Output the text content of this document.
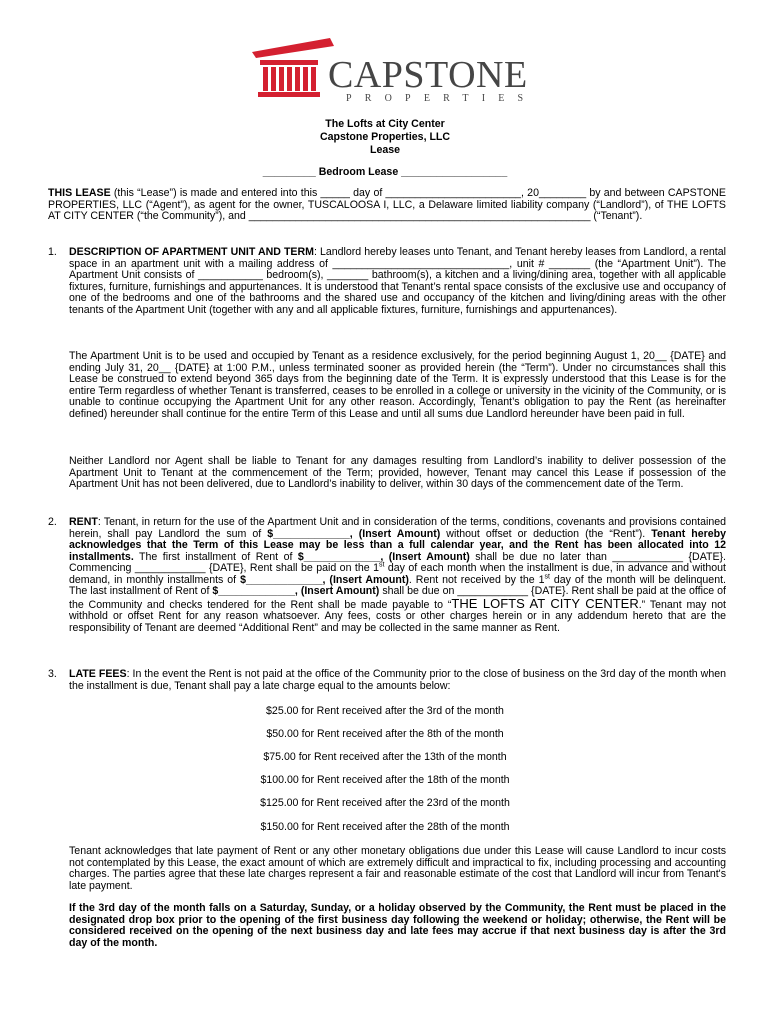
CAPSTONE
PROPERTIES
The Lofts at City Center
Capstone Properties, LLC
Lease
_________ Bedroom Lease __________________

THIS LEASE (this “Lease”) is made and entered into this _____ day of _______________________, 20________ by and between CAPSTONE PROPERTIES, LLC (“Agent”), as agent for the owner, TUSCALOOSA I, LLC, a Delaware limited liability company (“Landlord”), of THE LOFTS AT CITY CENTER (“the Community”), and __________________________________________________________ (“Tenant”).

1. DESCRIPTION OF APARTMENT UNIT AND TERM: Landlord hereby leases unto Tenant, and Tenant hereby leases from Landlord, a rental space in an apartment unit with a mailing address of ______________________________, unit # _______ (the “Apartment Unit”). The Apartment Unit consists of ___________ bedroom(s), _______ bathroom(s), a kitchen and a living/dining area, together with all applicable fixtures, furniture, furnishings and appurtenances. It is understood that Tenant’s rental space consists of the exclusive use and occupancy of one of the bedrooms and one of the bathrooms and the shared use and occupancy of the kitchen and living/dining areas with the other tenants of the Apartment Unit (together with any and all applicable fixtures, furniture, furnishings and appurtenances).

The Apartment Unit is to be used and occupied by Tenant as a residence exclusively, for the period beginning August 1, 20__ {DATE} and ending July 31, 20__ {DATE} at 1:00 P.M., unless terminated sooner as provided herein (the “Term”). Under no circumstances shall this Lease be construed to extend beyond 365 days from the beginning date of the Term. It is expressly understood that this Lease is for the entire Term regardless of whether Tenant is transferred, ceases to be enrolled in a college or university in the vicinity of the Community, or is unable to continue occupying the Apartment Unit for any other reason. Accordingly, Tenant’s obligation to pay the Rent (as hereinafter defined) hereunder shall continue for the entire Term of this Lease and until all sums due Landlord hereunder have been paid in full.

Neither Landlord nor Agent shall be liable to Tenant for any damages resulting from Landlord’s inability to deliver possession of the Apartment Unit to Tenant at the commencement of the Term; provided, however, Tenant may cancel this Lease if possession of the Apartment Unit has not been delivered, due to Landlord’s inability to deliver, within 30 days of the commencement date of the Term.

2. RENT: Tenant, in return for the use of the Apartment Unit and in consideration of the terms, conditions, covenants and provisions contained herein, shall pay Landlord the sum of $_____________, (Insert Amount) without offset or deduction (the “Rent”). Tenant hereby acknowledges that the Term of this Lease may be less than a full calendar year, and the Rent has been allocated into 12 installments. The first installment of Rent of $_____________, (Insert Amount) shall be due no later than ____________ {DATE}. Commencing ____________ {DATE}, Rent shall be paid on the 1st day of each month when the installment is due, in advance and without demand, in monthly installments of $_____________, (Insert Amount). Rent not received by the 1st day of the month will be delinquent. The last installment of Rent of $_____________, (Insert Amount) shall be due on ____________ {DATE}. Rent shall be paid at the office of the Community and checks tendered for the Rent shall be made payable to “THE LOFTS AT CITY CENTER.” Tenant may not withhold or offset Rent for any reason whatsoever. Any fees, costs or other charges herein or in any addendum hereto that are the responsibility of Tenant are deemed “Additional Rent” and may be collected in the same manner as Rent.

3. LATE FEES: In the event the Rent is not paid at the office of the Community prior to the close of business on the 3rd day of the month when the installment is due, Tenant shall pay a late charge equal to the amounts below:

$25.00 for Rent received after the 3rd of the month
$50.00 for Rent received after the 8th of the month
$75.00 for Rent received after the 13th of the month
$100.00 for Rent received after the 18th of the month
$125.00 for Rent received after the 23rd of the month
$150.00 for Rent received after the 28th of the month

Tenant acknowledges that late payment of Rent or any other monetary obligations due under this Lease will cause Landlord to incur costs not contemplated by this Lease, the exact amount of which are extremely difficult and impractical to fix, including processing and accounting charges. The parties agree that these late charges represent a fair and reasonable estimate of the cost that Landlord will incur from Tenant's late payment.

If the 3rd day of the month falls on a Saturday, Sunday, or a holiday observed by the Community, the Rent must be placed in the designated drop box prior to the opening of the first business day following the weekend or holiday; otherwise, the Rent will be considered received on the opening of the next business day and late fees may accrue if that next business day is after the 3rd day of the month.
